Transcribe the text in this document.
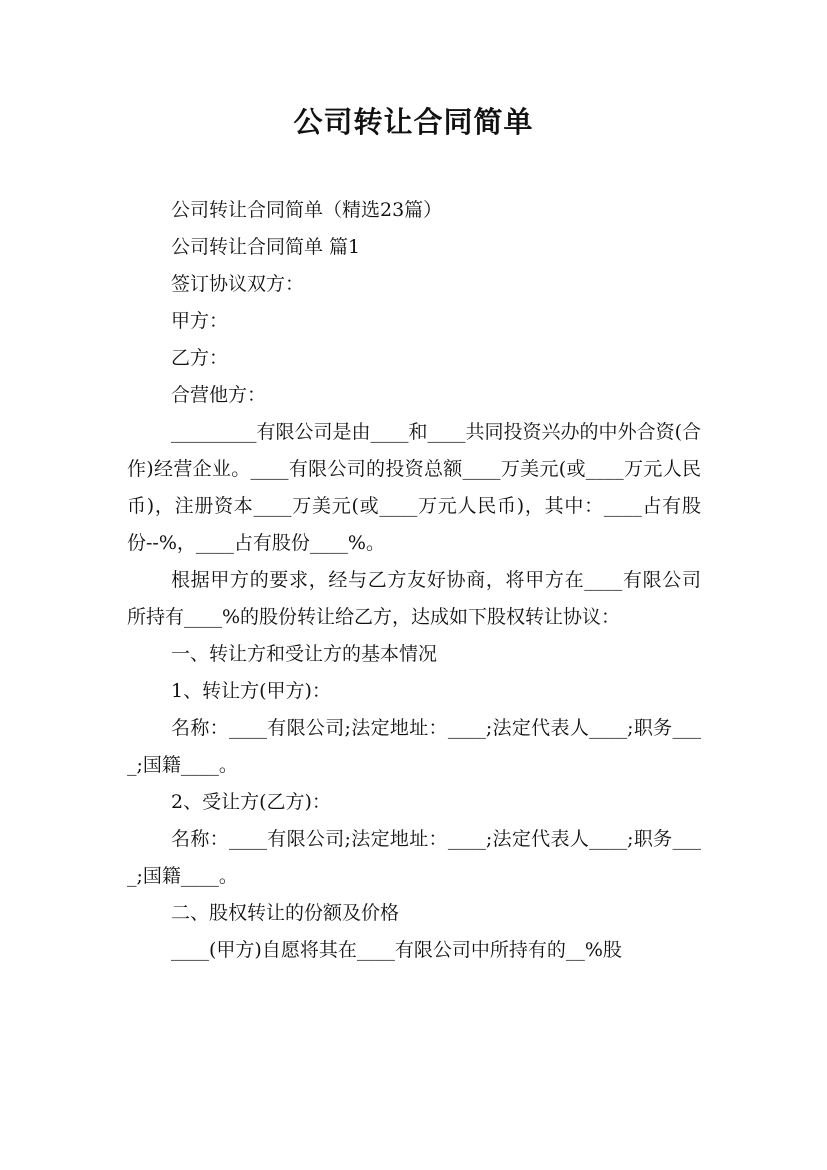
公司转让合同简单

公司转让合同简单（精选23篇）

公司转让合同简单 篇1

签订协议双方：

甲方：

乙方：

合营他方：

_________有限公司是由____和____共同投资兴办的中外合资(合作)经营企业。____有限公司的投资总额____万美元(或____万元人民币)，注册资本____万美元(或____万元人民币)，其中：____占有股份--%，____占有股份____%。

根据甲方的要求，经与乙方友好协商，将甲方在____有限公司所持有____%的股份转让给乙方，达成如下股权转让协议：

一、转让方和受让方的基本情况

1、转让方(甲方)：

名称：____有限公司;法定地址：____;法定代表人____;职务____;国籍____。

2、受让方(乙方)：

名称：____有限公司;法定地址：____;法定代表人____;职务____;国籍____。

二、股权转让的份额及价格

____(甲方)自愿将其在____有限公司中所持有的__%股
